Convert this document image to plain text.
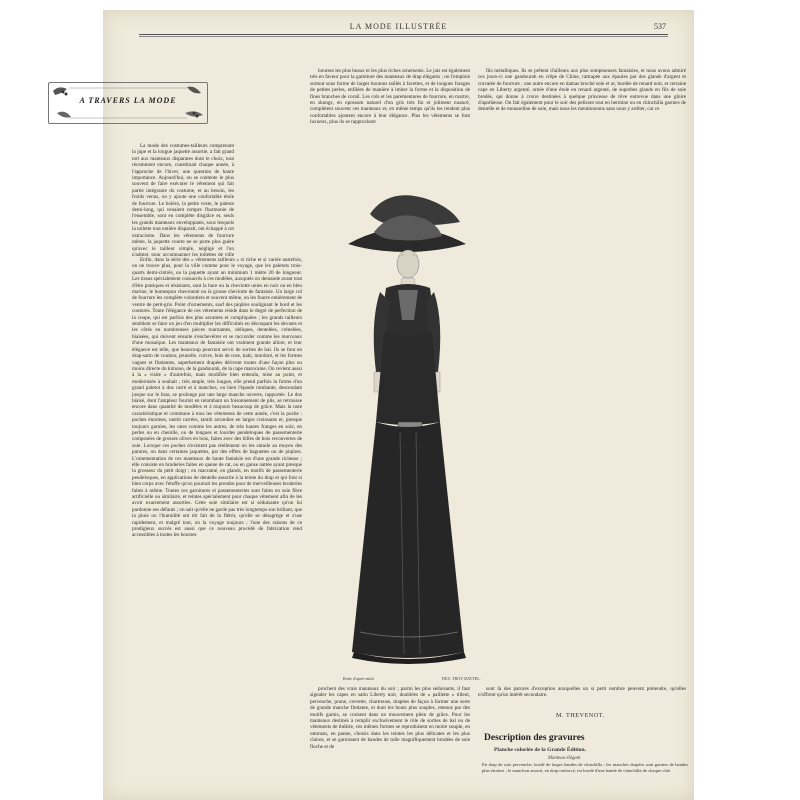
LA MODE ILLUSTRÉE	537
A TRAVERS LA MODE

La mode des costumes-tailleurs comprenant la jupe et la longue jaquette assortie, a fait grand tort aux manteaux disparates dont le choix, tout récemment encore, constituait chaque année, à l'approche de l'hiver, une question de haute importance. Aujourd'hui, on se contente le plus souvent de faire exécuter le vêtement qui fait partie intégrante du costume, et au besoin, les froids venus, on y ajoute une confortable étole de fourrure. Le boléro, la petite veste, le paletot demi-long, qui venaient rompre l'harmonie de l'ensemble, sont en complète disgrâce et, seuls les grands manteaux enveloppants, sous lesquels la toilette tout entière disparaît, ont échappé à cet ostracisme. Dans les vêtements de fourrure même, la jaquette courte ne se porte plus guère qu'avec le tailleur simple, négligé et l'on n'admet, pour accompagner les toilettes de ville

Enfin, dans la série des « vêtements tailleurs » si riche et si variée autrefois, on ne trouve plus, pour la ville comme pour le voyage, que les paletots trois-quarts demi-cintrés, ou la jaquette ayant un minimum 1 mètre 20 de longueur. Les tissus spécialement consacrés à ces modèles, auxquels on demande avant tout d'être pratiques et résistants, sont la bure ou la cheviotte unies en noir ou en bleu marine, le homespun chevronné ou la grosse cheviotte de fantaisie. Un large col de fourrure les complète volontiers et souvent même, on les fourre entièrement de ventre de petit-gris. Point d'ornements, sauf des piqûres soulignant le bord et les coutures. Toute l'élégance de ces vêtements réside dans le degré de perfection de la coupe, qui est parfois des plus savantes et compliquées ; les grands tailleurs semblent se faire un jeu d'en multiplier les difficultés en découpant les devants et les côtés en nombreuses pièces tournantes, obliques, dentelées, crénelées, biaisées, qui doivent ensuite s'enchevêtrer et se raccorder comme les morceaux d'une mosaïque. Les manteaux de fantaisie ont vraiment grande allure, et leur élégance est telle, que beaucoup pourront servir de sorties de bal. Ils se font en drap-satin de couleur, prunelle, cuivre, bois de rose, kaki, mordoré, et les formes vagues et flottantes, superbement drapées dérivent toutes d'une façon plus ou moins directe du kimono, de la gandourah, de la cape marocaine. On revient aussi à la « visite » d'autrefois, mais modifiée bien entendu, mise au point, et modernisée à souhait ; très ample, très longue, elle prend parfois la forme d'un grand paletot à dos carré et à manches, ou bien l'épaule tombante, descendant jusque sur le bras, se prolonge par une large manche ouverte, rapportée. Le dos biaisé, dont l'ampleur fournit en retombant un foisonnement de plis, se retrousse encore dans quantité de modèles et à toujours beaucoup de grâce. Mais la note caractéristique et commune à tous les vêtements de cette année, c'est la poche : poches énormes, tantôt carrées, tantôt arrondies en larges croissants et, presque toujours garnies, les unes comme les autres, de très hautes franges en soie, en perles ou en chenille, ou de longues et lourdes pendeloques de passementerie composées de grosses olives en bois, faites avec des billes de bois recouvertes de soie. Lorsque ces poches n'existent pas réellement on les simule au moyen des parures, on dans certaines jaquettes, par des effets de baguettes ou de piqûres. L'ornementation de ces manteaux de haute fantaisie est d'une grande richesse ; elle consiste en broderies faites en queue de rat, ou en ganse nattée ayant presque la grosseur du petit doigt ; en macramé, en glands, en motifs de passementerie pendeloques, en applications de dentelle assortie à la teinte du drap et qui font si bien corps avec l'étoffe qu'on pourrait les prendre pour de merveilleuses broderies faites à même. Toutes ces garnitures et passementeries sont faites en soie fibre artificielle ou similaire, et teintes spécialement pour chaque vêtement afin de les avoir exactement assorties. Cette soie similaire est si séduisante qu'on lui pardonne ses défauts ; on sait qu'elle ne garde pas très longtemps son brillant, que la pluie ou l'humidité ont tôt fait de la flétrir, qu'elle se désagrège et s'use rapidement, et malgré tout, on la voyage toujours ; l'une des raisons de ce prodigieux succès est aussi que ce nouveau procédé de fabrication rend accessibles à toutes les bourses

bourses les plus beaux et les plus riches ornements. Le jais est également très en faveur pour la garniture des manteaux de drap élégants ; on l'emploie surtout sous forme de larges boutons taillés à facettes, et de longues franges de petites perles, enfilées de manière à imiter la forme et la disposition de fines branches de corail. Les cols et les parementures de fourrure, en martre, en skungs, en opossum naturel d'un gris très fin et joliment nuancé, complètent souvent ces manteaux et, en même temps qu'ils les rendent plus confortables ajoutent encore à leur élégance. Plus les vêtements se font luxueux, plus ils se rapprochent

fils métalliques. Ils se prêtent d'ailleurs aux plus somptueuses fantaisies, et nous avons admiré ces jours-ci une gandourah en crêpe de Chine, rattrapée aux épaules par des glands d'argent et cravatée de fourrure ; une autre encore en damas broché soie et or, bordée de renard noir, et certaine cape en Liberty argenté, ornée d'une étole en renard argenté, de superbes glands en fils de soie brodés, qui donne à croire destinées à quelque princesse de rêve entrevue dans une gloire d'apothéose. On fait également pour le soir des pelisses tout en hermine ou en chinchilla garnies de dentelle et de mousseline de soie, mais nous les mentionnons sans nous y arrêter, car ce

Robe d'après-midi.	DES. TROY BATTEL.

prochent des vrais manteaux du soir ; parmi les plus séduisants, il faut signaler les capes en satin Liberty noir, doublées de « paillette » tilleul, pervenche, prune, crevette, chartreuse, drapées de façon à former une sorte de grande manche flottante, et dont les bouts plus souples, retenus par des motifs garnis, se croisent dans un mouvement plein de grâce. Pour les manteaux destinés à remplir exclusivement le rôle de sorties de bal ou de vêtements de théâtre, ces mêmes formes se reproduisent en moire souple, en ottoman, en panne, choisis dans les teintes les plus délicates et les plus claires, et se garnissent de bandes de tulle magnifiquement brodées de soie floche et de

sont là des parures d'exception auxquelles un si petit nombre peuvent prétendre, qu'elles n'offrent qu'un intérêt secondaire.

M. THEVENOT.
Description des gravures
Planche coloriée de la Grande Édition.
Manteau élégant
En drap de soie pervenche, bordé de larges bandes de chinchilla ; les manches drapées sont garnies de bandes plus étroites ; le manchon assorti, en drap renforcé, est bordé d'une bande de chinchilla de chaque côté.
